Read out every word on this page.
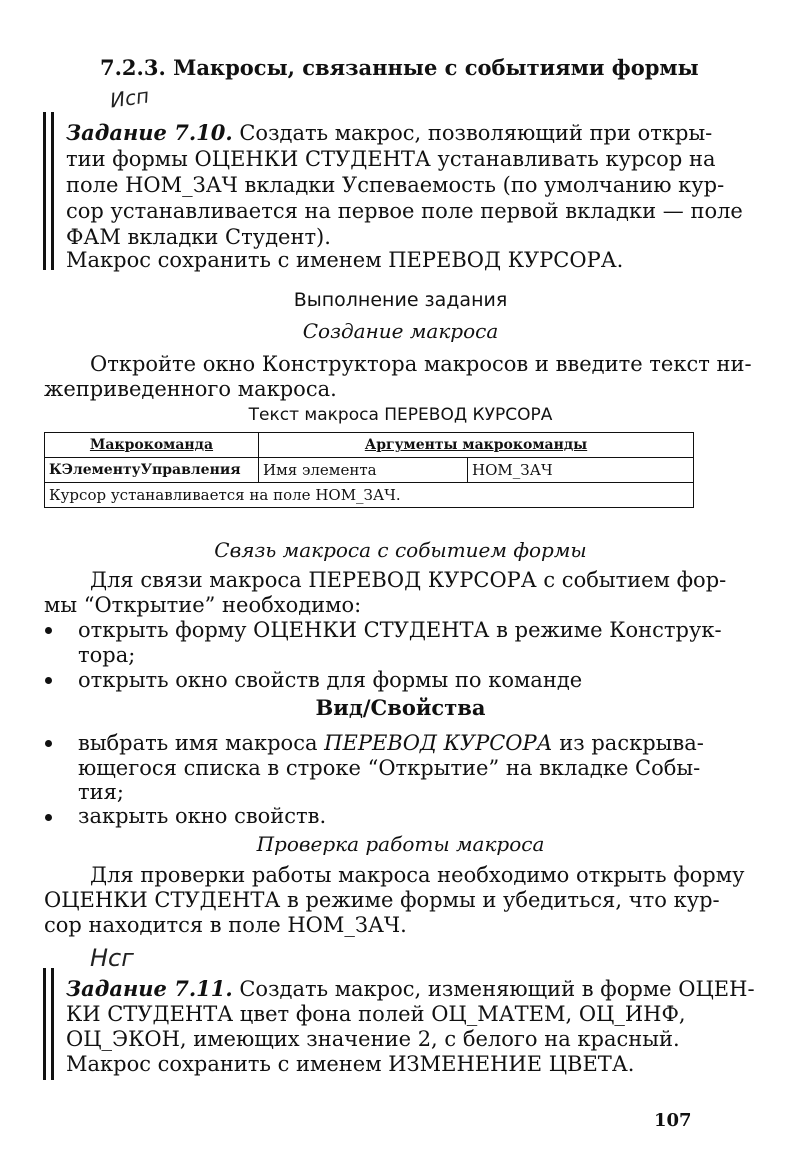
7.2.3. Макросы, связанные с событиями формы
Исп
Задание 7.10. Создать макрос, позволяющий при откры-
тии формы ОЦЕНКИ СТУДЕНТА устанавливать курсор на
поле НОМ_ЗАЧ вкладки Успеваемость (по умолчанию кур-
сор устанавливается на первое поле первой вкладки — поле
ФАМ вкладки Студент).
Макрос сохранить с именем ПЕРЕВОД КУРСОРА.
Выполнение задания
Создание макроса
Откройте окно Конструктора макросов и введите текст ни-
жеприведенного макроса.
Текст макроса ПЕРЕВОД КУРСОРА
Макрокоманда	Аргументы макрокоманды	
КЭлементуУправления	Имя элемента	НОМ_ЗАЧ
Курсор устанавливается на поле НОМ_ЗАЧ.		
Связь макроса с событием формы
Для связи макроса ПЕРЕВОД КУРСОРА с событием фор-
мы “Открытие” необходимо:
открыть форму ОЦЕНКИ СТУДЕНТА в режиме Конструк-
тора;
открыть окно свойств для формы по команде
Вид/Свойства
выбрать имя макроса ПЕРЕВОД КУРСОРА из раскрыва-
ющегося списка в строке “Открытие” на вкладке Собы-
тия;
закрыть окно свойств.
Проверка работы макроса
Для проверки работы макроса необходимо открыть форму
ОЦЕНКИ СТУДЕНТА в режиме формы и убедиться, что кур-
сор находится в поле НОМ_ЗАЧ.
Нсг
Задание 7.11. Создать макрос, изменяющий в форме ОЦЕН-
КИ СТУДЕНТА цвет фона полей ОЦ_МАТЕМ, ОЦ_ИНФ,
ОЦ_ЭКОН, имеющих значение 2, с белого на красный.
Макрос сохранить с именем ИЗМЕНЕНИЕ ЦВЕТА.
107
